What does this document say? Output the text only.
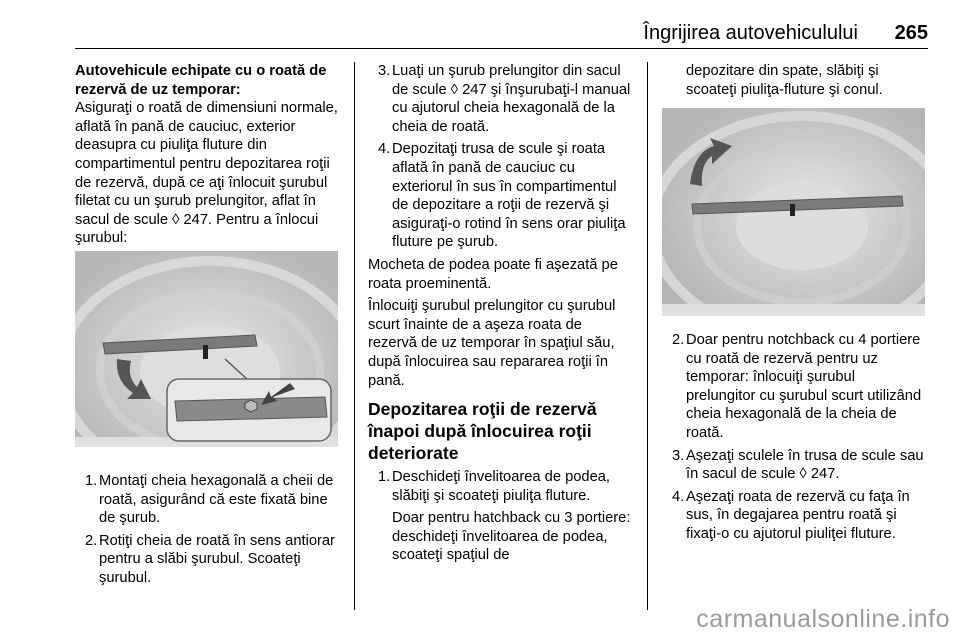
Îngrijirea autovehiculului 265

Autovehicule echipate cu o roată de rezervă de uz temporar:

Asiguraţi o roată de dimensiuni normale, aflată în pană de cauciuc, exterior deasupra cu piuliţa fluture din compartimentul pentru depozitarea roţii de rezervă, după ce aţi înlocuit şurubul filetat cu un şurub prelungitor, aflat în sacul de scule ◊ 247. Pentru a înlocui şurubul:

1. Montaţi cheia hexagonală a cheii de roată, asigurând că este fixată bine de şurub.

2. Rotiţi cheia de roată în sens antiorar pentru a slăbi şurubul. Scoateţi şurubul.

3. Luaţi un şurub prelungitor din sacul de scule ◊ 247 şi înşurubaţi-l manual cu ajutorul cheia hexagonală de la cheia de roată.

4. Depozitaţi trusa de scule şi roata aflată în pană de cauciuc cu exteriorul în sus în compartimentul de depozitare a roţii de rezervă şi asiguraţi-o rotind în sens orar piuliţa fluture pe şurub.

Mocheta de podea poate fi aşezată pe roata proeminentă.

Înlocuiţi şurubul prelungitor cu şurubul scurt înainte de a aşeza roata de rezervă de uz temporar în spaţiul său, după înlocuirea sau repararea roţii în pană.

Depozitarea roţii de rezervă înapoi după înlocuirea roţii deteriorate

1. Deschideţi învelitoarea de podea, slăbiţi şi scoateţi piuliţa fluture.

Doar pentru hatchback cu 3 portiere: deschideţi învelitoarea de podea, scoateţi spaţiul de

depozitare din spate, slăbiţi şi scoateţi piuliţa-fluture şi conul.

2. Doar pentru notchback cu 4 portiere cu roată de rezervă pentru uz temporar: înlocuiţi şurubul prelungitor cu şurubul scurt utilizând cheia hexagonală de la cheia de roată.

3. Aşezaţi sculele în trusa de scule sau în sacul de scule ◊ 247.

4. Aşezaţi roata de rezervă cu faţa în sus, în degajarea pentru roată şi fixaţi-o cu ajutorul piuliţei fluture.

carmanualsonline.info
